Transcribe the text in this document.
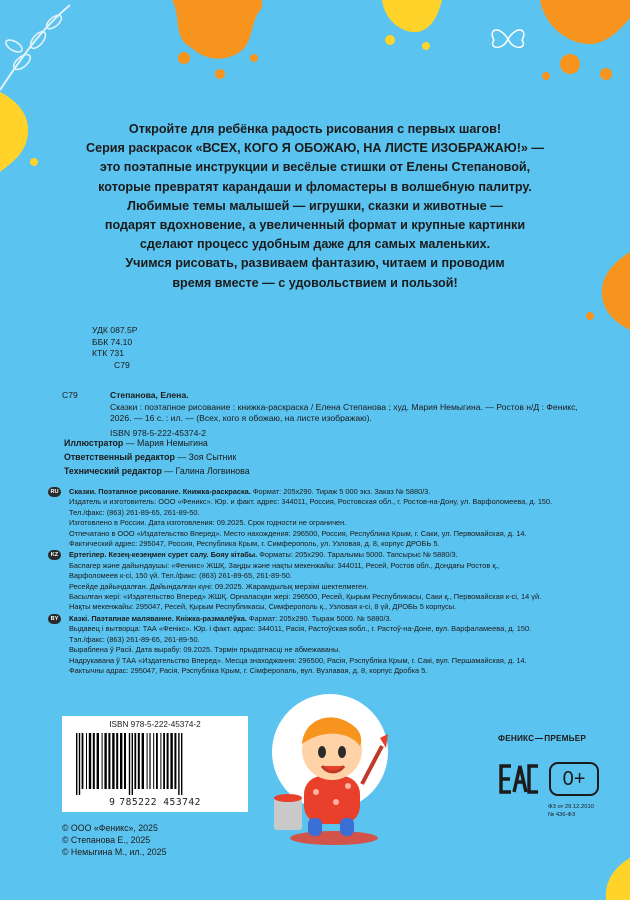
Откройте для ребёнка радость рисования с первых шагов!

Серия раскрасок «ВСЕХ, КОГО Я ОБОЖАЮ, НА ЛИСТЕ ИЗОБРАЖАЮ!» —

это поэтапные инструкции и весёлые стишки от Елены Степановой,

которые превратят карандаши и фломастеры в волшебную палитру.

Любимые темы малышей — игрушки, сказки и животные —

подарят вдохновение, а увеличенный формат и крупные картинки

сделают процесс удобным даже для самых маленьких.

Учимся рисовать, развиваем фантазию, читаем и проводим

время вместе — с удовольствием и пользой!

УДК 087.5Р
ББК 74.10
КТК 731
С79
С79	Степанова, Елена.
Сказки : поэтапное рисование : книжка-раскраска / Елена Степанова ; худ. Мария Немыгина. — Ростов н/Д : Феникс,
2026. — 16 с. : ил. — (Всех, кого я обожаю, на листе изображаю).
ISBN 978-5-222-45374-2
Иллюстратор — Мария Немыгина
Ответственный редактор — Зоя Сытник
Технический редактор — Галина Логвинова
RU	Сказки. Поэтапное рисование. Книжка-раскраска. Формат: 205x290. Тираж 5 000 экз. Заказ № 5880/3.
Издатель и изготовитель: ООО «Феникс». Юр. и факт. адрес: 344011, Россия, Ростовская обл., г. Ростов-на-Дону, ул. Варфоломеева, д. 150.
Тел./факс: (863) 261-89-65, 261-89-50.
Изготовлено в России. Дата изготовления: 09.2025. Срок годности не ограничен.
Отпечатано в ООО «Издательство Вперед». Место нахождения: 296500, Россия, Республика Крым, г. Саки, ул. Первомайская, д. 14.
Фактический адрес: 295047, Россия, Республика Крым, г. Симферополь, ул. Узловая, д. 8, корпус ДРОБЬ 5.
KZ	Ертегілер. Кезең-кезеңмен сурет салу. Бояу кітабы. Форматы: 205x290. Таралымы 5000. Тапсырыс № 5880/3.
Баспагер және дайындаушы: «Феникс» ЖШҚ. Заңды және нақты мекенжайы: 344011, Ресей, Ростов обл., Дондағы Ростов қ.,
Варфоломеев к-сі, 150 үй. Тел./факс: (863) 261-89-65, 261-89-50.
Ресейде дайындалған. Дайындалған күні: 09.2025. Жарамдылық мерзімі шектелмеген.
Басылған жері: «Издательство Вперед» ЖШҚ. Орналасқан жері: 296500, Ресей, Қырым Республикасы, Саки қ., Первомайская к-сі, 14 үй.
Нақты мекенжайы: 295047, Ресей, Қырым Республикасы, Симферополь қ., Узловая к-сі, 8 үй, ДРОБЬ 5 корпусы.
BY	Казкі. Паэтапнае маляванне. Кніжка-размалёўка. Фармат: 205x290. Тыраж 5000. № 5880/3.
Выдавец і вытворца: ТАА «Фенікс». Юр. і факт. адрас: 344011, Расія, Растоўская вобл., г. Растоў-на-Доне, вул. Варфаламеева, д. 150.
Тэл./факс: (863) 261-89-65, 261-89-50.
Выраблена ў Расіі. Дата вырабу: 09.2025. Тэрмін прыдатнасці не абмежаваны.
Надрукавана ў ТАА «Издательство Вперед». Месца знаходжання: 296500, Расія, Рэспубліка Крым, г. Сакі, вул. Першамайская, д. 14.
Фактычны адрас: 295047, Расія, Рэспубліка Крым, г. Сімферопаль, вул. Вузлавая, д. 8, корпус Дробка 5.
ISBN 978-5-222-45374-2
9 785222 453742
© ООО «Феникс», 2025
© Степанова Е., 2025
© Немыгина М., ил., 2025
ФЕНИКС ПРЕМЬЕР
ЕАС
0+
ФЗ от 29.12.2010
№ 436-ФЗ
